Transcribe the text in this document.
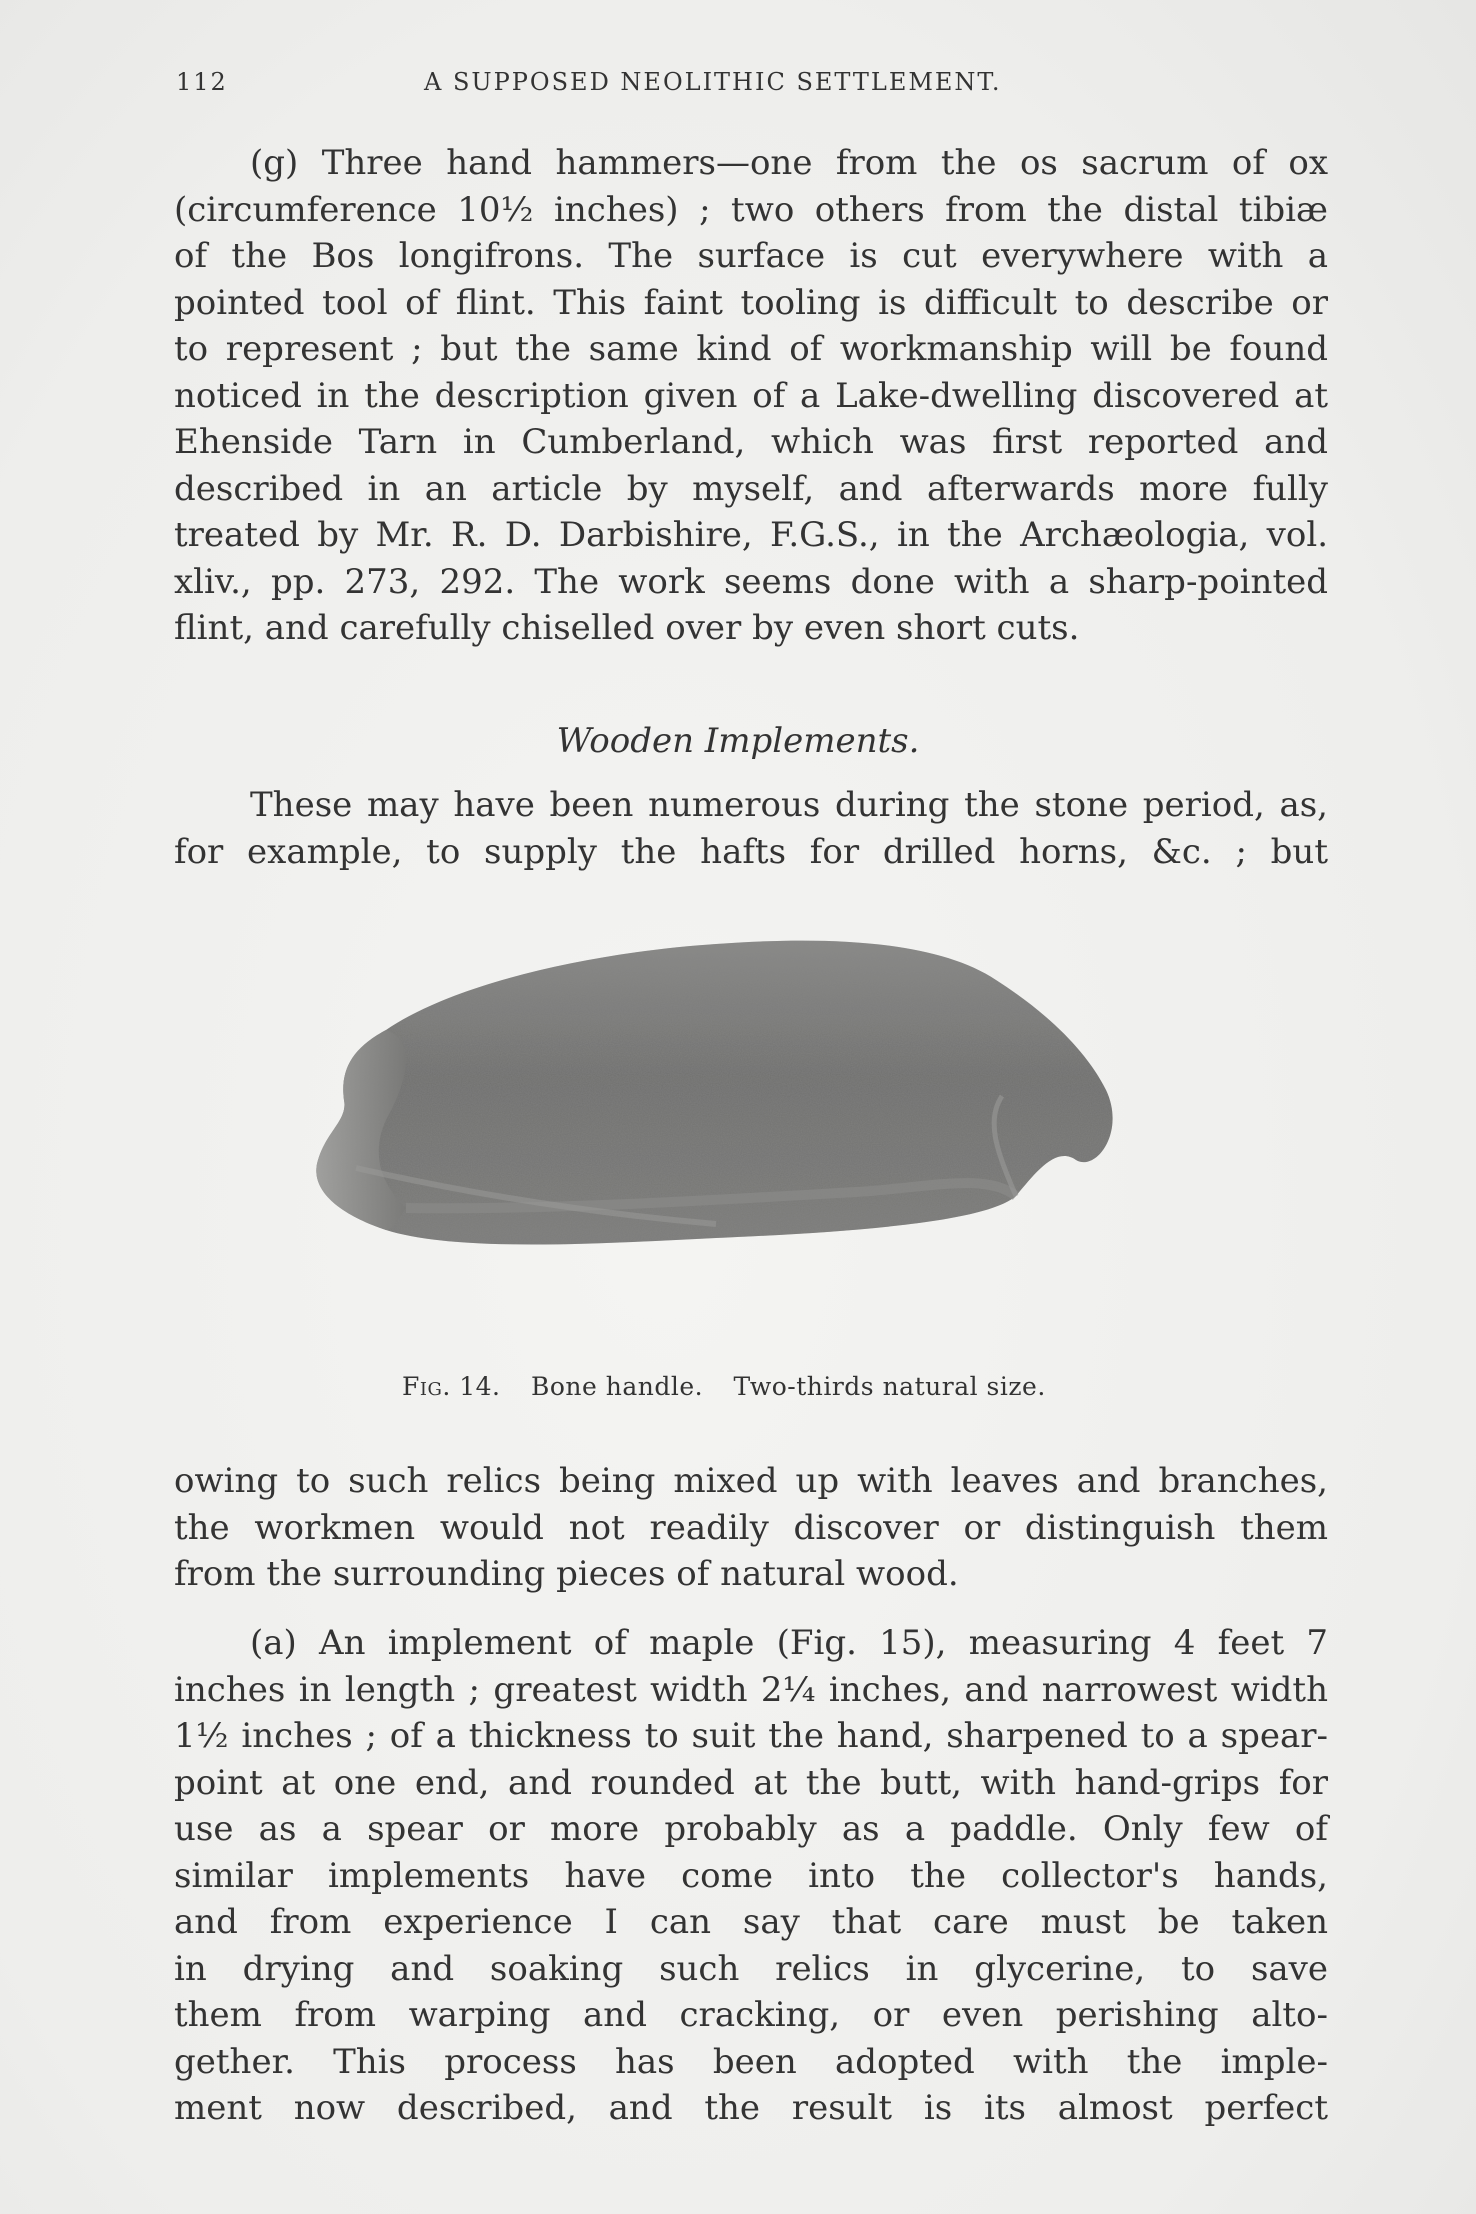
112	A SUPPOSED NEOLITHIC SETTLEMENT.
(g) Three hand hammers—one from the os sacrum of ox
(circumference 10½ inches) ; two others from the distal tibiæ
of the Bos longifrons. The surface is cut everywhere with a
pointed tool of flint. This faint tooling is difficult to describe or
to represent ; but the same kind of workmanship will be found
noticed in the description given of a Lake-dwelling discovered at
Ehenside Tarn in Cumberland, which was first reported and
described in an article by myself, and afterwards more fully
treated by Mr. R. D. Darbishire, F.G.S., in the Archæologia, vol.
xliv., pp. 273, 292. The work seems done with a sharp-pointed
flint, and carefully chiselled over by even short cuts.
Wooden Implements.
These may have been numerous during the stone period, as,
for example, to supply the hafts for drilled horns, &c. ; but
Fig. 14. Bone handle. Two-thirds natural size.
owing to such relics being mixed up with leaves and branches,
the workmen would not readily discover or distinguish them
from the surrounding pieces of natural wood.
(a) An implement of maple (Fig. 15), measuring 4 feet 7
inches in length ; greatest width 2¼ inches, and narrowest width
1½ inches ; of a thickness to suit the hand, sharpened to a spear-
point at one end, and rounded at the butt, with hand-grips for
use as a spear or more probably as a paddle. Only few of
similar implements have come into the collector's hands,
and from experience I can say that care must be taken
in drying and soaking such relics in glycerine, to save
them from warping and cracking, or even perishing alto-
gether. This process has been adopted with the imple-
ment now described, and the result is its almost perfect
